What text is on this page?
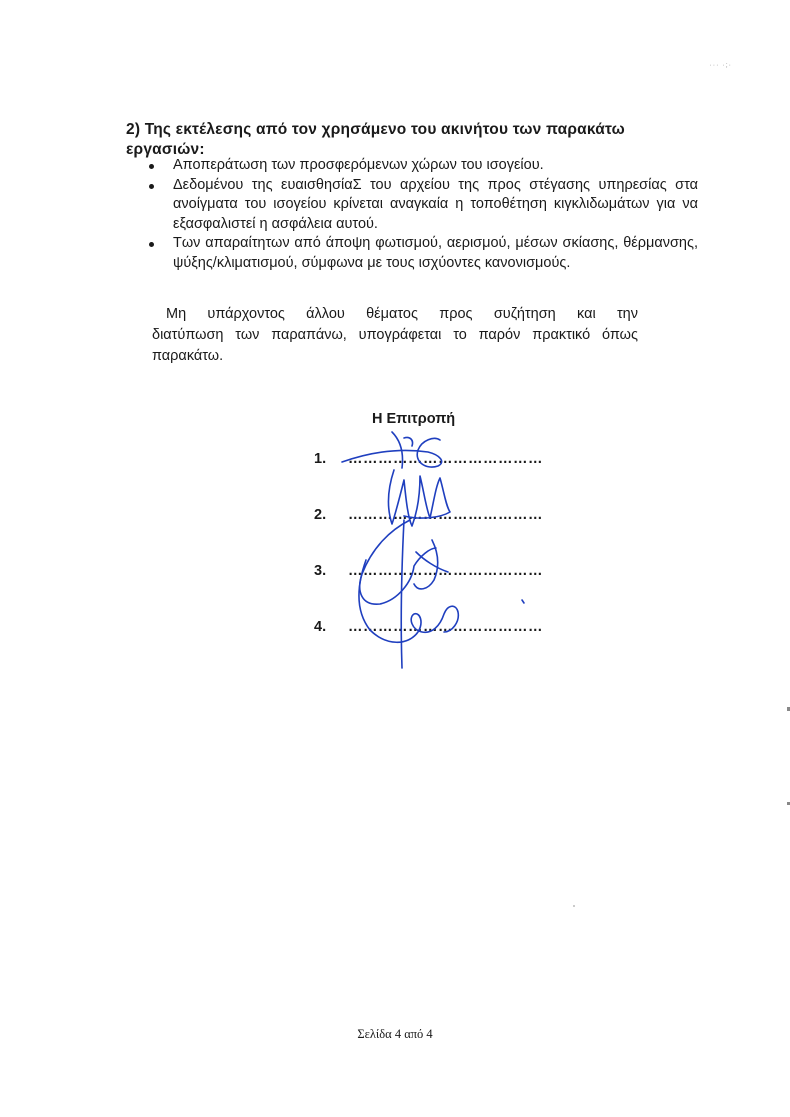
··· ·;·
2) Της εκτέλεσης από τον χρησάμενο του ακινήτου των παρακάτω εργασιών:
Αποπεράτωση των προσφερόμενων χώρων του ισογείου.
Δεδομένου της ευαισθησίαΣ του αρχείου της προς στέγασης υπηρεσίας στα ανοίγματα του ισογείου κρίνεται αναγκαία η τοποθέτηση κιγκλιδωμάτων για να εξασφαλιστεί η ασφάλεια αυτού.
Των απαραίτητων από άποψη φωτισμού, αερισμού, μέσων σκίασης, θέρμανσης, ψύξης/κλιματισμού, σύμφωνα με τους ισχύοντες κανονισμούς.
Μη υπάρχοντος άλλου θέματος προς συζήτηση και την
διατύπωση των παραπάνω, υπογράφεται το παρόν πρακτικό όπως
παρακάτω.
Η Επιτροπή
1. …………………………………
2. …………………………………
3. …………………………………
4. …………………………………
Σελίδα 4 από 4
